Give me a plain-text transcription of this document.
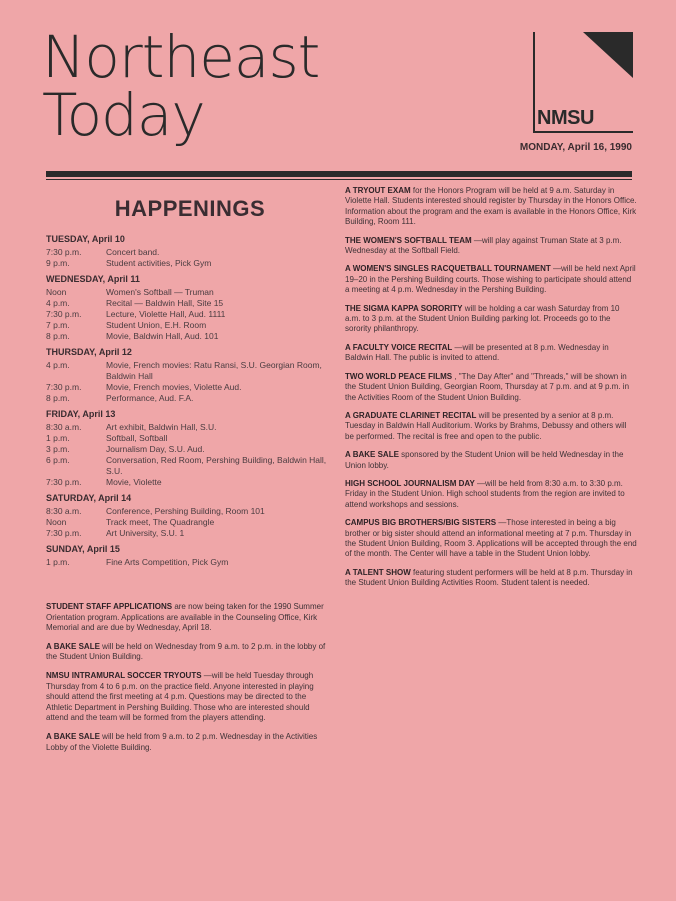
Northeast
Today	NMSU
MONDAY, April 16, 1990
HAPPENINGS
TUESDAY, April 10
7:30 p.m.	Concert band.
9 p.m.	Student activities, Pick Gym
WEDNESDAY, April 11
Noon	Women's Softball — Truman
4 p.m.	Recital — Baldwin Hall, Site 15
7:30 p.m.	Lecture, Violette Hall, Aud. 1111
7 p.m.	Student Union, E.H. Room
8 p.m.	Movie, Baldwin Hall, Aud. 101
THURSDAY, April 12
4 p.m.	Movie, French movies: Ratu Ransi, S.U. Georgian Room, Baldwin Hall
7:30 p.m.	Movie, French movies, Violette Aud.
8 p.m.	Performance, Aud. F.A.
FRIDAY, April 13
8:30 a.m.	Art exhibit, Baldwin Hall, S.U.
1 p.m.	Softball, Softball
3 p.m.	Journalism Day, S.U. Aud.
6 p.m.	Conversation, Red Room, Pershing Building, Baldwin Hall, S.U.
7:30 p.m.	Movie, Violette
SATURDAY, April 14
8:30 a.m.	Conference, Pershing Building, Room 101
Noon	Track meet, The Quadrangle
7:30 p.m.	Art University, S.U. 1
SUNDAY, April 15
1 p.m.	Fine Arts Competition, Pick Gym

STUDENT STAFF APPLICATIONS are now being taken for the 1990 Summer Orientation program. Applications are available in the Counseling Office, Kirk Memorial and are due by Wednesday, April 18.

A BAKE SALE will be held on Wednesday from 9 a.m. to 2 p.m. in the lobby of the Student Union Building.

NMSU INTRAMURAL SOCCER TRYOUTS —will be held Tuesday through Thursday from 4 to 6 p.m. on the practice field. Anyone interested in playing should attend the first meeting at 4 p.m. Questions may be directed to the Athletic Department in Pershing Building. Those who are interested should attend and the team will be formed from the players attending.

A BAKE SALE will be held from 9 a.m. to 2 p.m. Wednesday in the Activities Lobby of the Violette Building.

A TRYOUT EXAM for the Honors Program will be held at 9 a.m. Saturday in Violette Hall. Students interested should register by Thursday in the Honors Office. Information about the program and the exam is available in the Honors Office, Kirk Building, Room 111.

THE WOMEN'S SOFTBALL TEAM —will play against Truman State at 3 p.m. Wednesday at the Softball Field.

A WOMEN'S SINGLES RACQUETBALL TOURNAMENT —will be held next April 19–20 in the Pershing Building courts. Those wishing to participate should attend a meeting at 4 p.m. Wednesday in the Pershing Building.

THE SIGMA KAPPA SORORITY will be holding a car wash Saturday from 10 a.m. to 3 p.m. at the Student Union Building parking lot. Proceeds go to the sorority philanthropy.

A FACULTY VOICE RECITAL —will be presented at 8 p.m. Wednesday in Baldwin Hall. The public is invited to attend.

TWO WORLD PEACE FILMS , "The Day After" and "Threads," will be shown in the Student Union Building, Georgian Room, Thursday at 7 p.m. and at 9 p.m. in the Activities Room of the Student Union Building.

A GRADUATE CLARINET RECITAL will be presented by a senior at 8 p.m. Tuesday in Baldwin Hall Auditorium. Works by Brahms, Debussy and others will be performed. The recital is free and open to the public.

A BAKE SALE sponsored by the Student Union will be held Wednesday in the Union lobby.

HIGH SCHOOL JOURNALISM DAY —will be held from 8:30 a.m. to 3:30 p.m. Friday in the Student Union. High school students from the region are invited to attend workshops and sessions.

CAMPUS BIG BROTHERS/BIG SISTERS —Those interested in being a big brother or big sister should attend an informational meeting at 7 p.m. Thursday in the Student Union Building, Room 3. Applications will be accepted through the end of the month. The Center will have a table in the Student Union lobby.

A TALENT SHOW featuring student performers will be held at 8 p.m. Thursday in the Student Union Building Activities Room. Student talent is needed.
